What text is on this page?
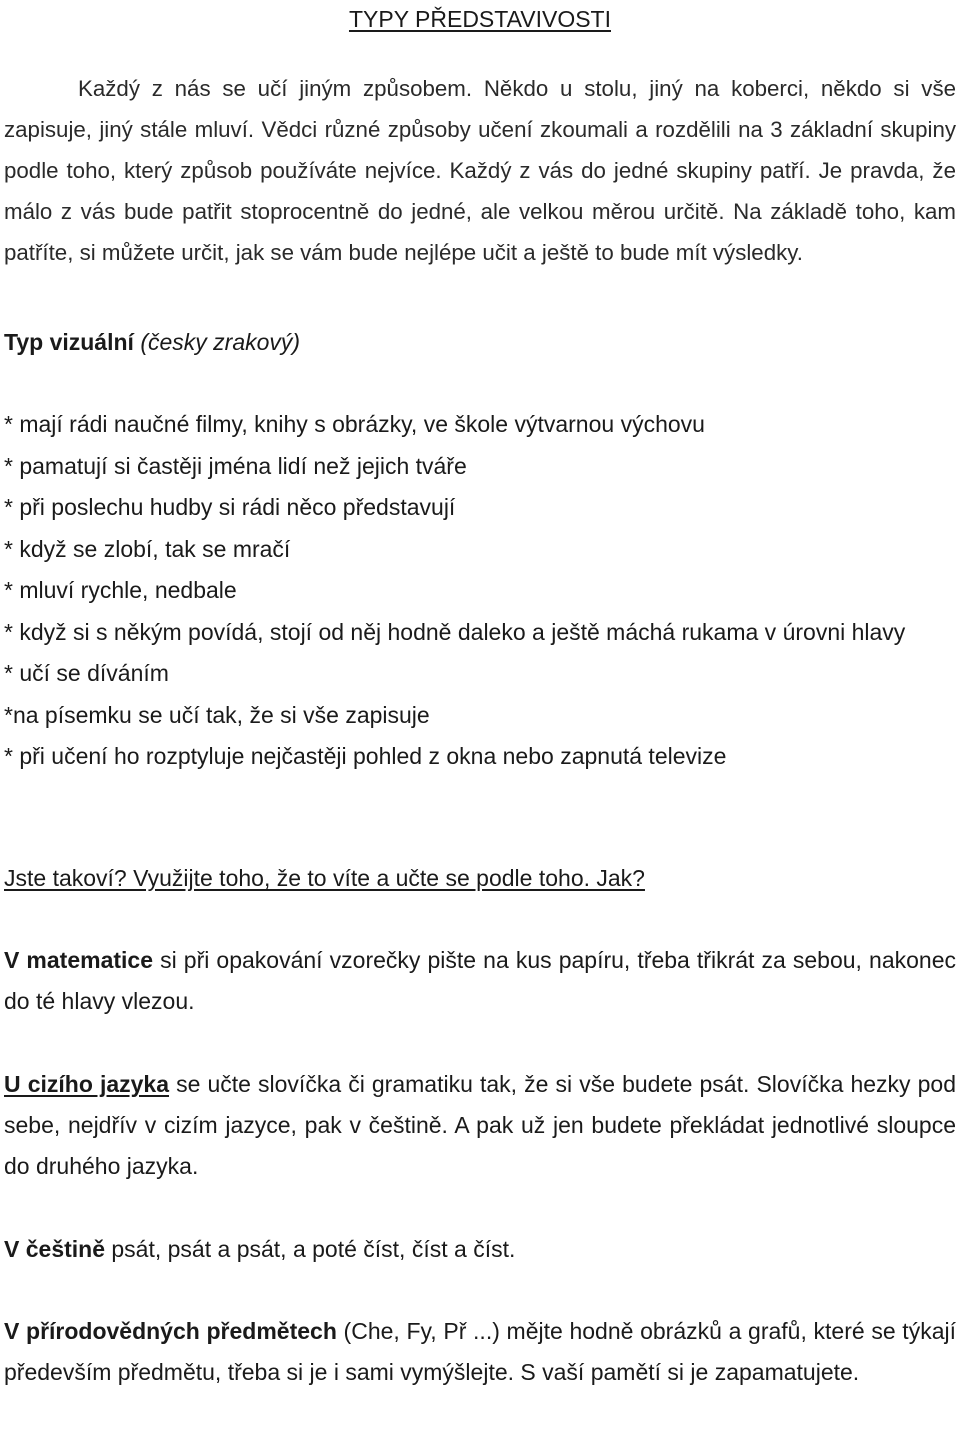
TYPY PŘEDSTAVIVOSTI

Každý z nás se učí jiným způsobem. Někdo u stolu, jiný na koberci, někdo si vše zapisuje, jiný stále mluví. Vědci různé způsoby učení zkoumali a rozdělili na 3 základní skupiny podle toho, který způsob používáte nejvíce. Každý z vás do jedné skupiny patří. Je pravda, že málo z vás bude patřit stoprocentně do jedné, ale velkou měrou určitě. Na základě toho, kam patříte, si můžete určit, jak se vám bude nejlépe učit a ještě to bude mít výsledky.

Typ vizuální (česky zrakový)

* mají rádi naučné filmy, knihy s obrázky, ve škole výtvarnou výchovu
* pamatují si častěji jména lidí než jejich tváře
* při poslechu hudby si rádi něco představují
* když se zlobí, tak se mračí
* mluví rychle, nedbale
* když si s někým povídá, stojí od něj hodně daleko a ještě máchá rukama v úrovni hlavy
* učí se díváním
*na písemku se učí tak, že si vše zapisuje
* při učení ho rozptyluje nejčastěji pohled z okna nebo zapnutá televize

Jste takoví? Využijte toho, že to víte a učte se podle toho. Jak?

V matematice si při opakování vzorečky pište na kus papíru, třeba třikrát za sebou, nakonec do té hlavy vlezou.

U cizího jazyka se učte slovíčka či gramatiku tak, že si vše budete psát. Slovíčka hezky pod sebe, nejdřív v cizím jazyce, pak v češtině. A pak už jen budete překládat jednotlivé sloupce do druhého jazyka.

V češtině psát, psát a psát, a poté číst, číst a číst.

V přírodovědných předmětech (Che, Fy, Př ...) mějte hodně obrázků a grafů, které se týkají především předmětu, třeba si je i sami vymýšlejte. S vaší pamětí si je zapamatujete.
